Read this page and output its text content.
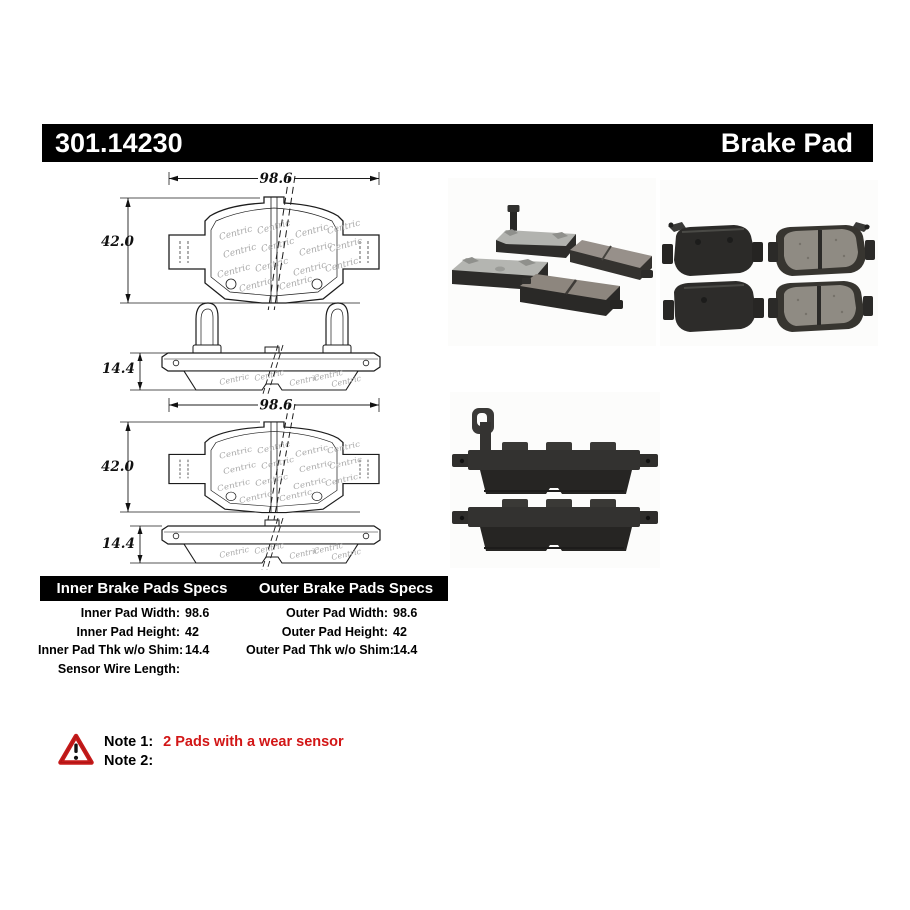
301.14230	Brake Pad
98.6
42.0
14.4
98.6
42.0
14.4
Inner Brake Pads Specs	Outer Brake Pads Specs
Inner Pad Width: 98.6
Inner Pad Height: 42
Inner Pad Thk w/o Shim: 14.4
Sensor Wire Length:
Outer Pad Width: 98.6
Outer Pad Height: 42
Outer Pad Thk w/o Shim: 14.4
Note 1: 2 Pads with a wear sensor
Note 2:
